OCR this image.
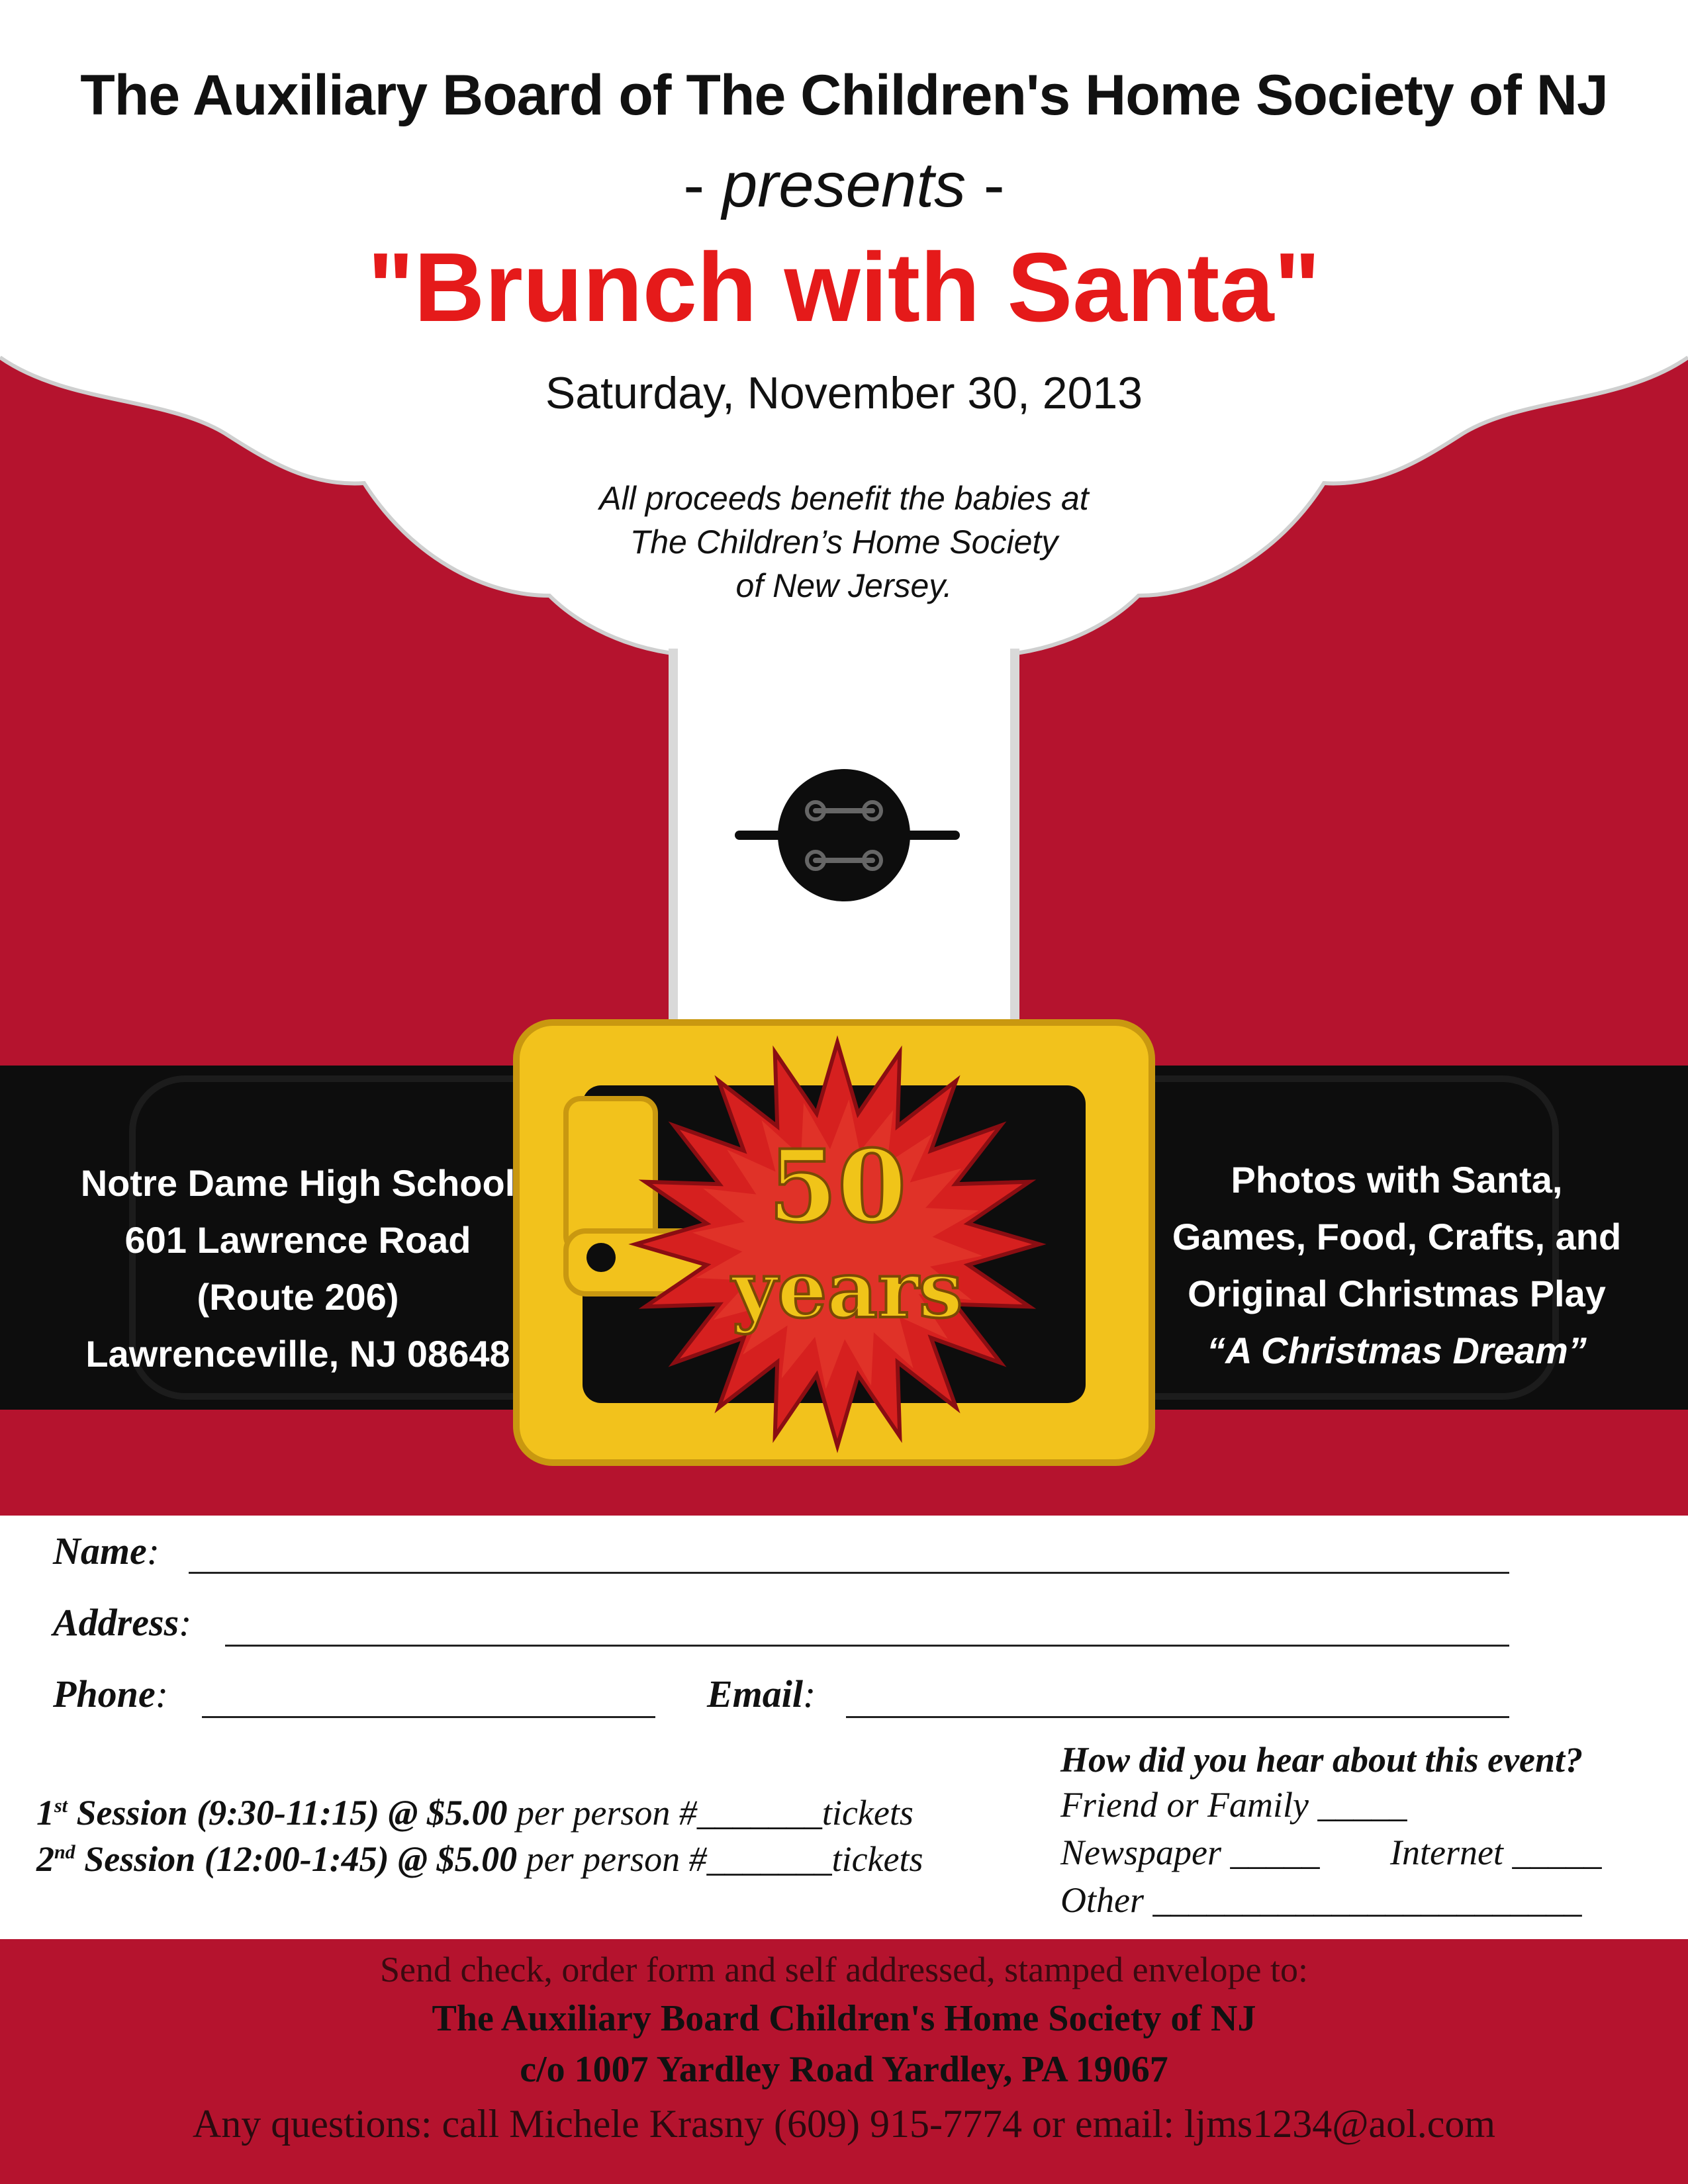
The Auxiliary Board of The Children's Home Society of NJ

- presents -

"Brunch with Santa"

Saturday, November 30, 2013

All proceeds benefit the babies at
The Children’s Home Society
of New Jersey.
50
years
Notre Dame High School
601 Lawrence Road
(Route 206)
Lawrenceville, NJ 08648
Photos with Santa,
Games, Food, Crafts, and
Original Christmas Play
“A Christmas Dream”
Name:
Address:
Phone:	Email:
1st Session (9:30-11:15) @ $5.00 per person #_______tickets
2nd Session (12:00-1:45) @ $5.00 per person #_______tickets
How did you hear about this event?
Friend or Family _____
Newspaper _____ Internet _____
Other ________________________

Send check, order form and self addressed, stamped envelope to:

The Auxiliary Board Children's Home Society of NJ

c/o 1007 Yardley Road Yardley, PA 19067

Any questions: call Michele Krasny (609) 915-7774 or email: ljms1234@aol.com
